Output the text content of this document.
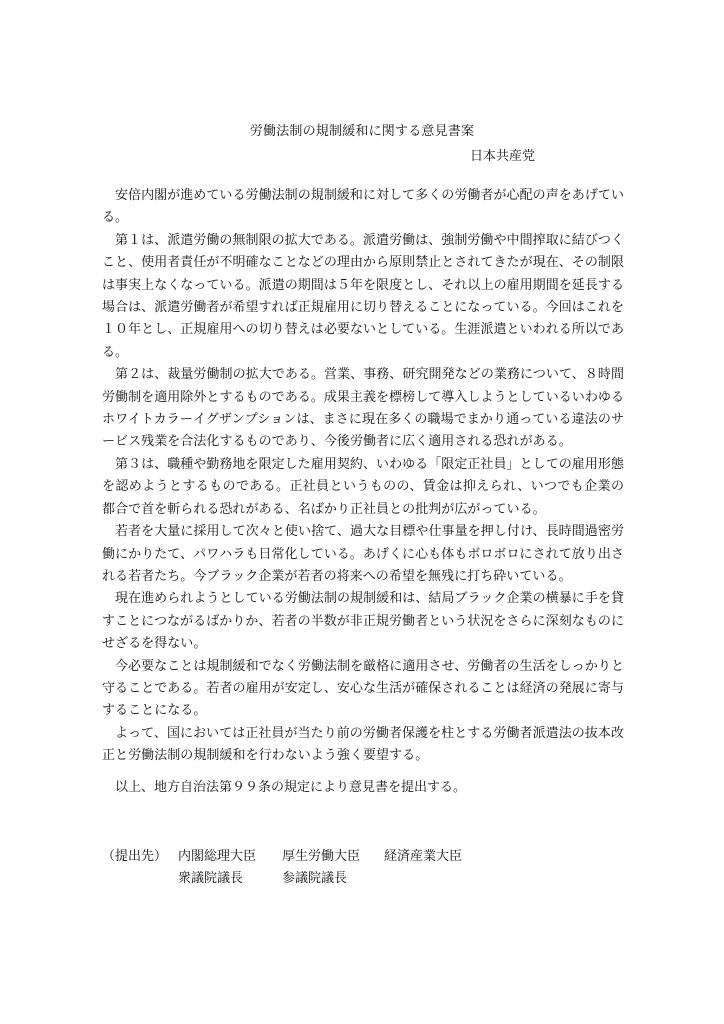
労働法制の規制緩和に関する意見書案
日本共産党

安倍内閣が進めている労働法制の規制緩和に対して多くの労働者が心配の声をあげている。

第１は、派遣労働の無制限の拡大である。派遣労働は、強制労働や中間搾取に結びつくこと、使用者責任が不明確なことなどの理由から原則禁止とされてきたが現在、その制限は事実上なくなっている。派遣の期間は５年を限度とし、それ以上の雇用期間を延長する場合は、派遣労働者が希望すれば正規雇用に切り替えることになっている。今回はこれを１０年とし、正規雇用への切り替えは必要ないとしている。生涯派遣といわれる所以である。

第２は、裁量労働制の拡大である。営業、事務、研究開発などの業務について、８時間労働制を適用除外とするものである。成果主義を標榜して導入しようとしているいわゆるホワイトカラーイグザンプションは、まさに現在多くの職場でまかり通っている違法のサービス残業を合法化するものであり、今後労働者に広く適用される恐れがある。

第３は、職種や勤務地を限定した雇用契約、いわゆる「限定正社員」としての雇用形態を認めようとするものである。正社員というものの、賃金は抑えられ、いつでも企業の都合で首を斬られる恐れがある、名ばかり正社員との批判が広がっている。

若者を大量に採用して次々と使い捨て、過大な目標や仕事量を押し付け、長時間過密労働にかりたて、パワハラも日常化している。あげくに心も体もボロボロにされて放り出される若者たち。今ブラック企業が若者の将来への希望を無残に打ち砕いている。

現在進められようとしている労働法制の規制緩和は、結局ブラック企業の横暴に手を貸すことにつながるばかりか、若者の半数が非正規労働者という状況をさらに深刻なものにせざるを得ない。

今必要なことは規制緩和でなく労働法制を厳格に適用させ、労働者の生活をしっかりと守ることである。若者の雇用が安定し、安心な生活が確保されることは経済の発展に寄与することになる。

よって、国においては正社員が当たり前の労働者保護を柱とする労働者派遣法の抜本改正と労働法制の規制緩和を行わないよう強く要望する。

以上、地方自治法第９９条の規定により意見書を提出する。
（提出先） 内閣総理大臣	厚生労働大臣	経済産業大臣
衆議院議長	参議院議長
